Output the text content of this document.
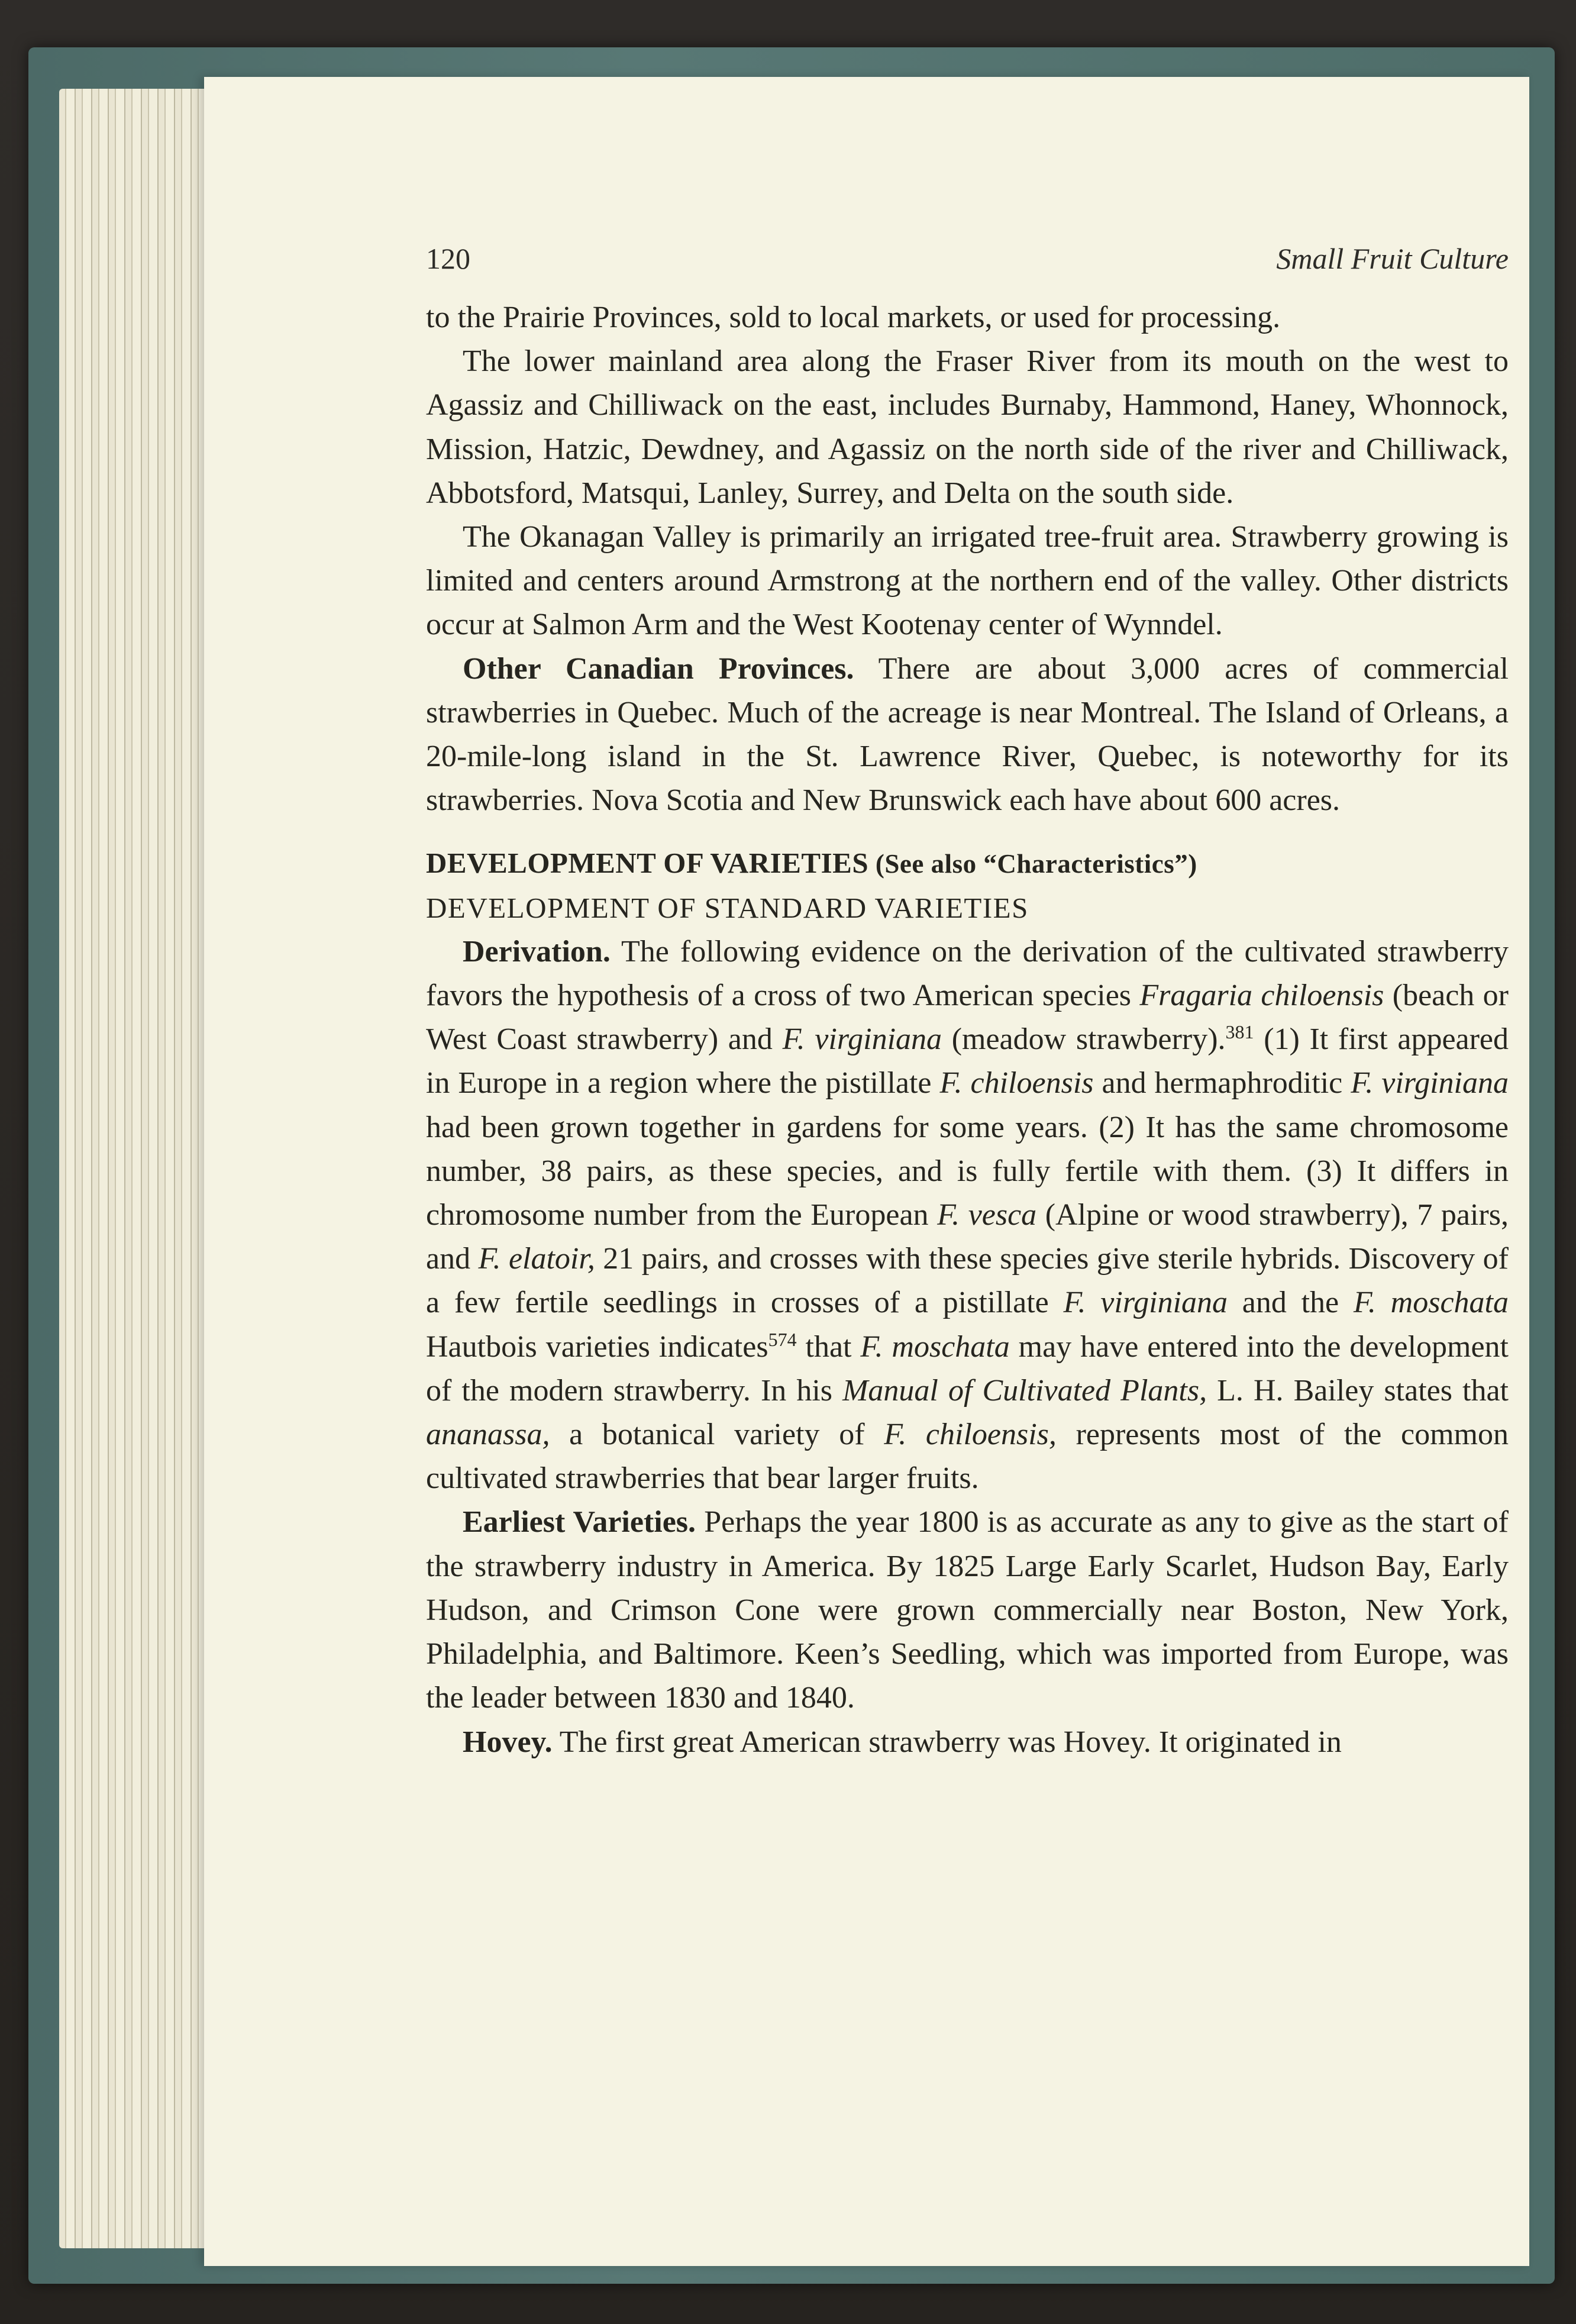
120	Small Fruit Culture

to the Prairie Provinces, sold to local markets, or used for processing.

The lower mainland area along the Fraser River from its mouth on the west to Agassiz and Chilliwack on the east, includes Burnaby, Hammond, Haney, Whonnock, Mission, Hatzic, Dewdney, and Agassiz on the north side of the river and Chilliwack, Abbotsford, Matsqui, Lanley, Surrey, and Delta on the south side.

The Okanagan Valley is primarily an irrigated tree-fruit area. Strawberry growing is limited and centers around Armstrong at the northern end of the valley. Other districts occur at Salmon Arm and the West Kootenay center of Wynndel.

Other Canadian Provinces. There are about 3,000 acres of commercial strawberries in Quebec. Much of the acreage is near Montreal. The Island of Orleans, a 20-mile-long island in the St. Lawrence River, Quebec, is noteworthy for its strawberries. Nova Scotia and New Brunswick each have about 600 acres.

DEVELOPMENT OF VARIETIES (See also “Characteristics”)

DEVELOPMENT OF STANDARD VARIETIES

Derivation. The following evidence on the derivation of the cultivated strawberry favors the hypothesis of a cross of two American species Fragaria chiloensis (beach or West Coast strawberry) and F. virginiana (meadow strawberry).$^{381}$ (1) It first appeared in Europe in a region where the pistillate F. chiloensis and hermaphroditic F. virginiana had been grown together in gardens for some years. (2) It has the same chromosome number, 38 pairs, as these species, and is fully fertile with them. (3) It differs in chromosome number from the European F. vesca (Alpine or wood strawberry), 7 pairs, and F. elatoir, 21 pairs, and crosses with these species give sterile hybrids. Discovery of a few fertile seedlings in crosses of a pistillate F. virginiana and the F. moschata Hautbois varieties indicates$^{574}$ that F. moschata may have entered into the development of the modern strawberry. In his Manual of Cultivated Plants, L. H. Bailey states that ananassa, a botanical variety of F. chiloensis, represents most of the common cultivated strawberries that bear larger fruits.

Earliest Varieties. Perhaps the year 1800 is as accurate as any to give as the start of the strawberry industry in America. By 1825 Large Early Scarlet, Hudson Bay, Early Hudson, and Crimson Cone were grown commercially near Boston, New York, Philadelphia, and Baltimore. Keen’s Seedling, which was imported from Europe, was the leader between 1830 and 1840.

Hovey. The first great American strawberry was Hovey. It originated in
